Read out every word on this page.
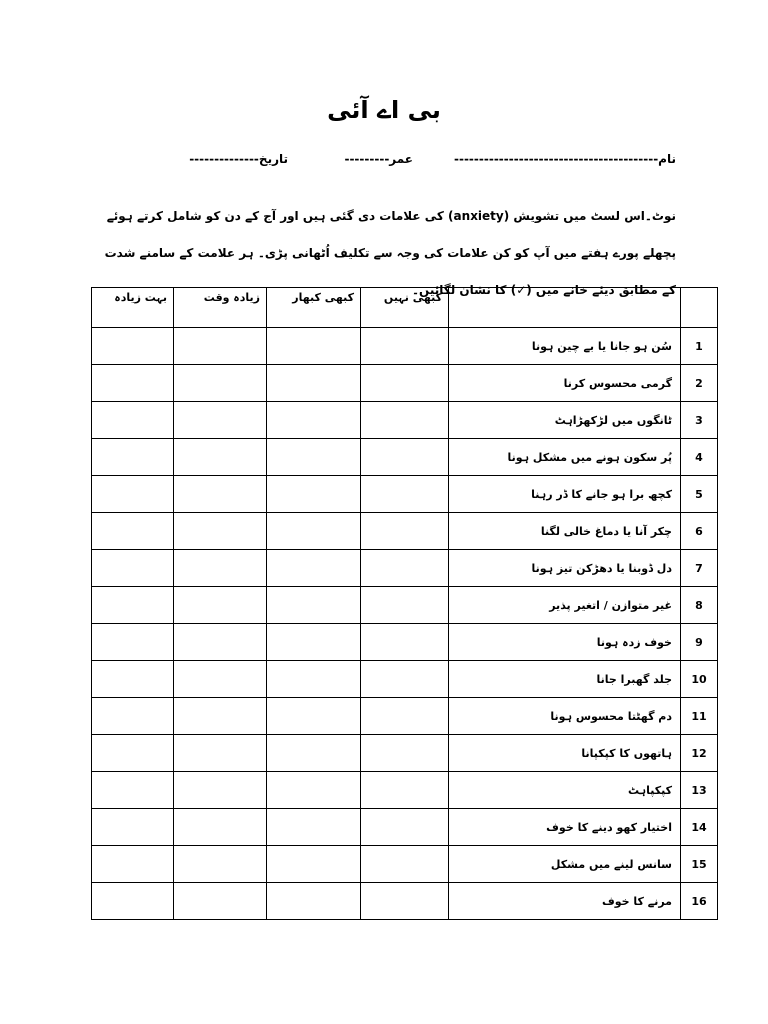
بی اے آئی
تاریخ--------------	عمر---------	نام-----------------------------------------
نوٹ۔اس لسٹ میں تشویش (anxiety) کی علامات دی گئی ہیں اور آج کے دن کو شامل کرتے ہوئے پچھلے پورے ہفتے میں آپ کو کن علامات کی وجہ سے تکلیف اُٹھانی پڑی۔ ہر علامت کے سامنے شدت کے مطابق دیئے خانے میں (✓) کا نشان لگائیں۔
بہت زیادہ	زیادہ وقت	کبھی کبھار	کبھی نہیں		
				سُن ہو جانا یا بے چین ہونا	1
				گرمی محسوس کرنا	2
				ٹانگوں میں لڑکھڑاہٹ	3
				پُر سکون ہونے میں مشکل ہونا	4
				کچھ برا ہو جانے کا ڈر رہنا	5
				چکر آنا یا دماغ خالی لگنا	6
				دل ڈوبنا یا دھڑکن تیز ہونا	7
				غیر متوازن / اتغیر پذیر	8
				خوف زدہ ہونا	9
				جلد گھبرا جانا	10
				دم گھٹتا محسوس ہونا	11
				ہاتھوں کا کپکپانا	12
				کپکپاہٹ	13
				اختیار کھو دینے کا خوف	14
				سانس لینے میں مشکل	15
				مرنے کا خوف	16
